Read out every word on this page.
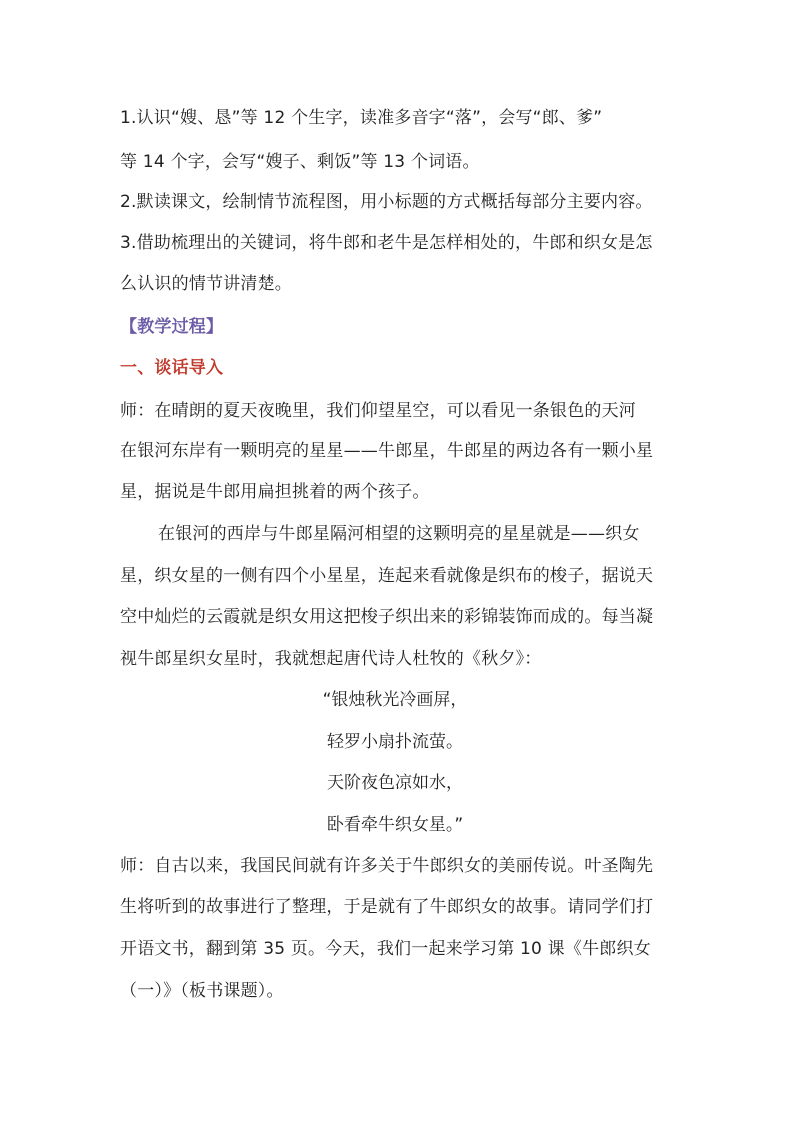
1.认识“嫂、恳”等 12 个生字，读准多音字“落”，会写“郎、爹”
等 14 个字，会写“嫂子、剩饭”等 13 个词语。
2.默读课文，绘制情节流程图，用小标题的方式概括每部分主要内容。
3.借助梳理出的关键词，将牛郎和老牛是怎样相处的，牛郎和织女是怎
么认识的情节讲清楚。
【教学过程】
一、谈话导入
师：在晴朗的夏天夜晚里，我们仰望星空，可以看见一条银色的天河
在银河东岸有一颗明亮的星星——牛郎星，牛郎星的两边各有一颗小星
星，据说是牛郎用扁担挑着的两个孩子。
在银河的西岸与牛郎星隔河相望的这颗明亮的星星就是——织女
星，织女星的一侧有四个小星星，连起来看就像是织布的梭子，据说天
空中灿烂的云霞就是织女用这把梭子织出来的彩锦装饰而成的。每当凝
视牛郎星织女星时，我就想起唐代诗人杜牧的《秋夕》：
“银烛秋光冷画屏，
轻罗小扇扑流萤。
天阶夜色凉如水，
卧看牵牛织女星。”
师：自古以来，我国民间就有许多关于牛郎织女的美丽传说。叶圣陶先
生将听到的故事进行了整理，于是就有了牛郎织女的故事。请同学们打
开语文书，翻到第 35 页。今天，我们一起来学习第 10 课《牛郎织女
（一）》（板书课题）。
